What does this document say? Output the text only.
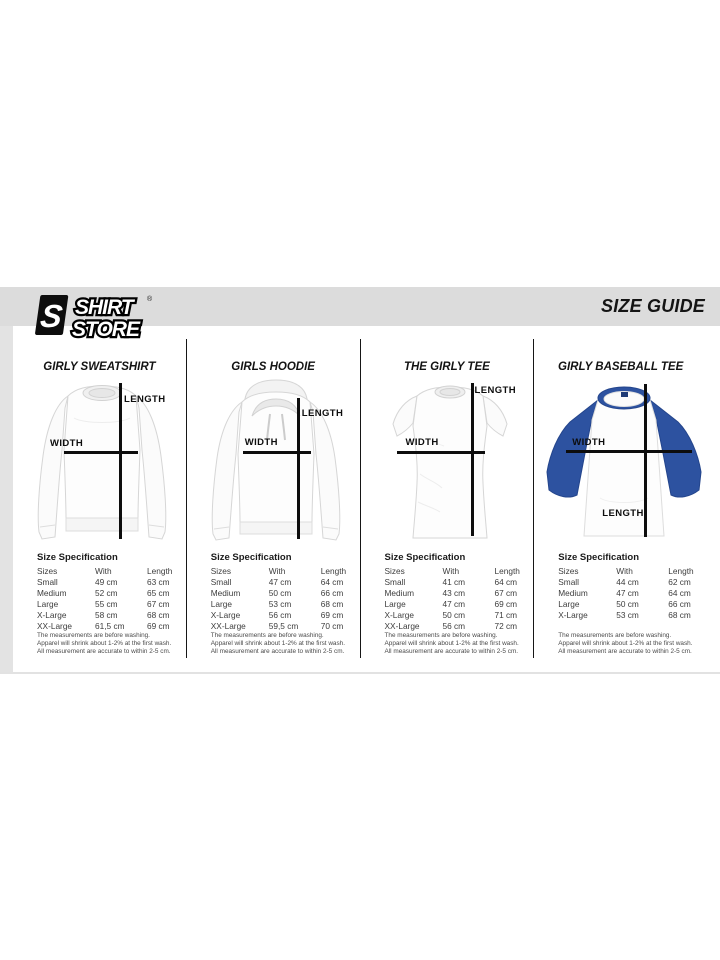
SIZE GUIDE
S SHIRT
STORE
®
GIRLY SWEATSHIRT
LENGTH
WIDTH
Size Specification
Sizes	With	Length
Small	49 cm	63 cm
Medium	52 cm	65 cm
Large	55 cm	67 cm
X-Large	58 cm	68 cm
XX-Large	61,5 cm	69 cm
The measurements are before washing.
Apparel will shrink about 1-2% at the first wash.
All measurement are accurate to within 2-5 cm.
GIRLS HOODIE
LENGTH
WIDTH
Size Specification
Sizes	With	Length
Small	47 cm	64 cm
Medium	50 cm	66 cm
Large	53 cm	68 cm
X-Large	56 cm	69 cm
XX-Large	59,5 cm	70 cm
The measurements are before washing.
Apparel will shrink about 1-2% at the first wash.
All measurement are accurate to within 2-5 cm.
THE GIRLY TEE
LENGTH
WIDTH
Size Specification
Sizes	With	Length
Small	41 cm	64 cm
Medium	43 cm	67 cm
Large	47 cm	69 cm
X-Large	50 cm	71 cm
XX-Large	56 cm	72 cm
The measurements are before washing.
Apparel will shrink about 1-2% at the first wash.
All measurement are accurate to within 2-5 cm.
GIRLY BASEBALL TEE
LENGTH
WIDTH
Size Specification
Sizes	With	Length
Small	44 cm	62 cm
Medium	47 cm	64 cm
Large	50 cm	66 cm
X-Large	53 cm	68 cm
The measurements are before washing.
Apparel will shrink about 1-2% at the first wash.
All measurement are accurate to within 2-5 cm.
